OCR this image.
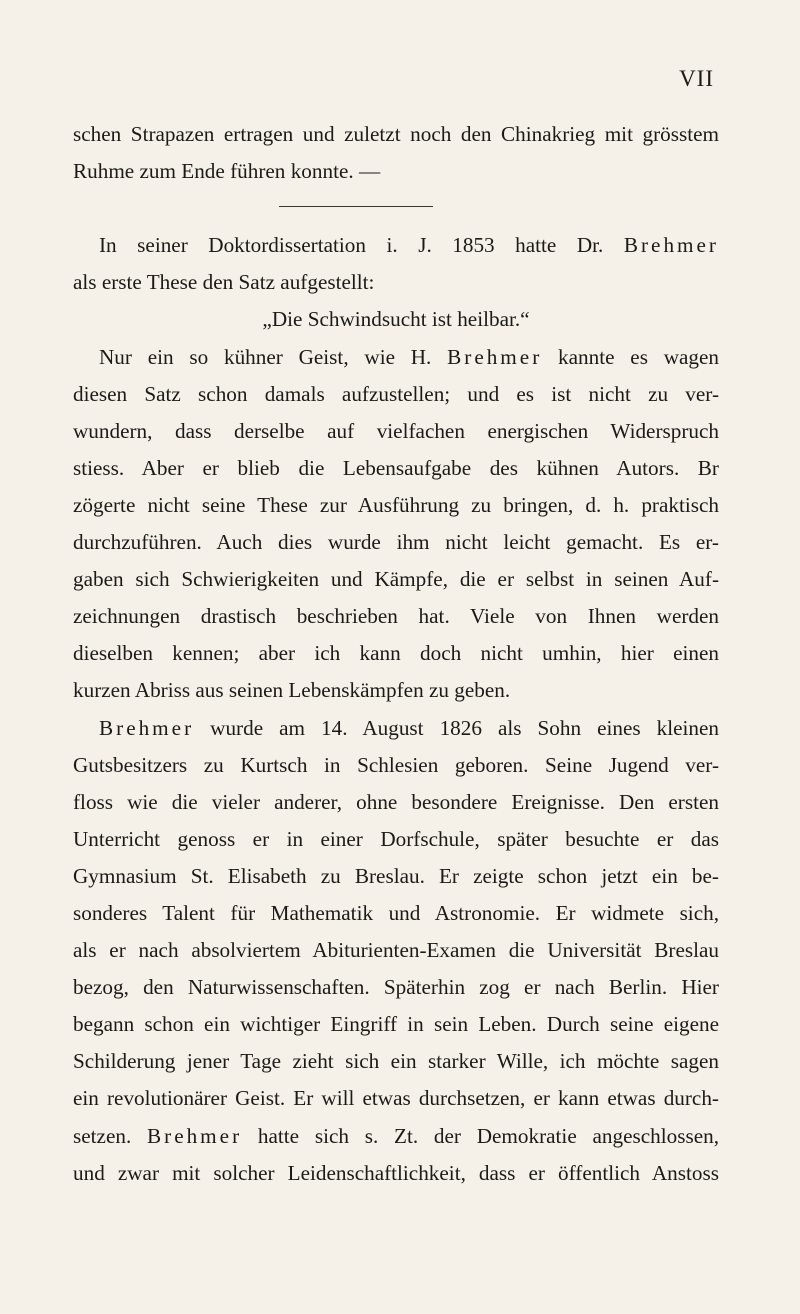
VII
schen Strapazen ertragen und zuletzt noch den Chinakrieg mit grösstem
Ruhme zum Ende führen konnte. —
In seiner Doktordissertation i. J. 1853 hatte Dr. Brehmer
als erste These den Satz aufgestellt:
„Die Schwindsucht ist heilbar.“
Nur ein so kühner Geist, wie H. Brehmer kannte es wagen
diesen Satz schon damals aufzustellen; und es ist nicht zu ver-
wundern, dass derselbe auf vielfachen energischen Widerspruch
stiess. Aber er blieb die Lebensaufgabe des kühnen Autors. Br
zögerte nicht seine These zur Ausführung zu bringen, d. h. praktisch
durchzuführen. Auch dies wurde ihm nicht leicht gemacht. Es er-
gaben sich Schwierigkeiten und Kämpfe, die er selbst in seinen Auf-
zeichnungen drastisch beschrieben hat. Viele von Ihnen werden
dieselben kennen; aber ich kann doch nicht umhin, hier einen
kurzen Abriss aus seinen Lebenskämpfen zu geben.
Brehmer wurde am 14. August 1826 als Sohn eines kleinen
Gutsbesitzers zu Kurtsch in Schlesien geboren. Seine Jugend ver-
floss wie die vieler anderer, ohne besondere Ereignisse. Den ersten
Unterricht genoss er in einer Dorfschule, später besuchte er das
Gymnasium St. Elisabeth zu Breslau. Er zeigte schon jetzt ein be-
sonderes Talent für Mathematik und Astronomie. Er widmete sich,
als er nach absolviertem Abiturienten-Examen die Universität Breslau
bezog, den Naturwissenschaften. Späterhin zog er nach Berlin. Hier
begann schon ein wichtiger Eingriff in sein Leben. Durch seine eigene
Schilderung jener Tage zieht sich ein starker Wille, ich möchte sagen
ein revolutionärer Geist. Er will etwas durchsetzen, er kann etwas durch-
setzen. Brehmer hatte sich s. Zt. der Demokratie angeschlossen,
und zwar mit solcher Leidenschaftlichkeit, dass er öffentlich Anstoss
